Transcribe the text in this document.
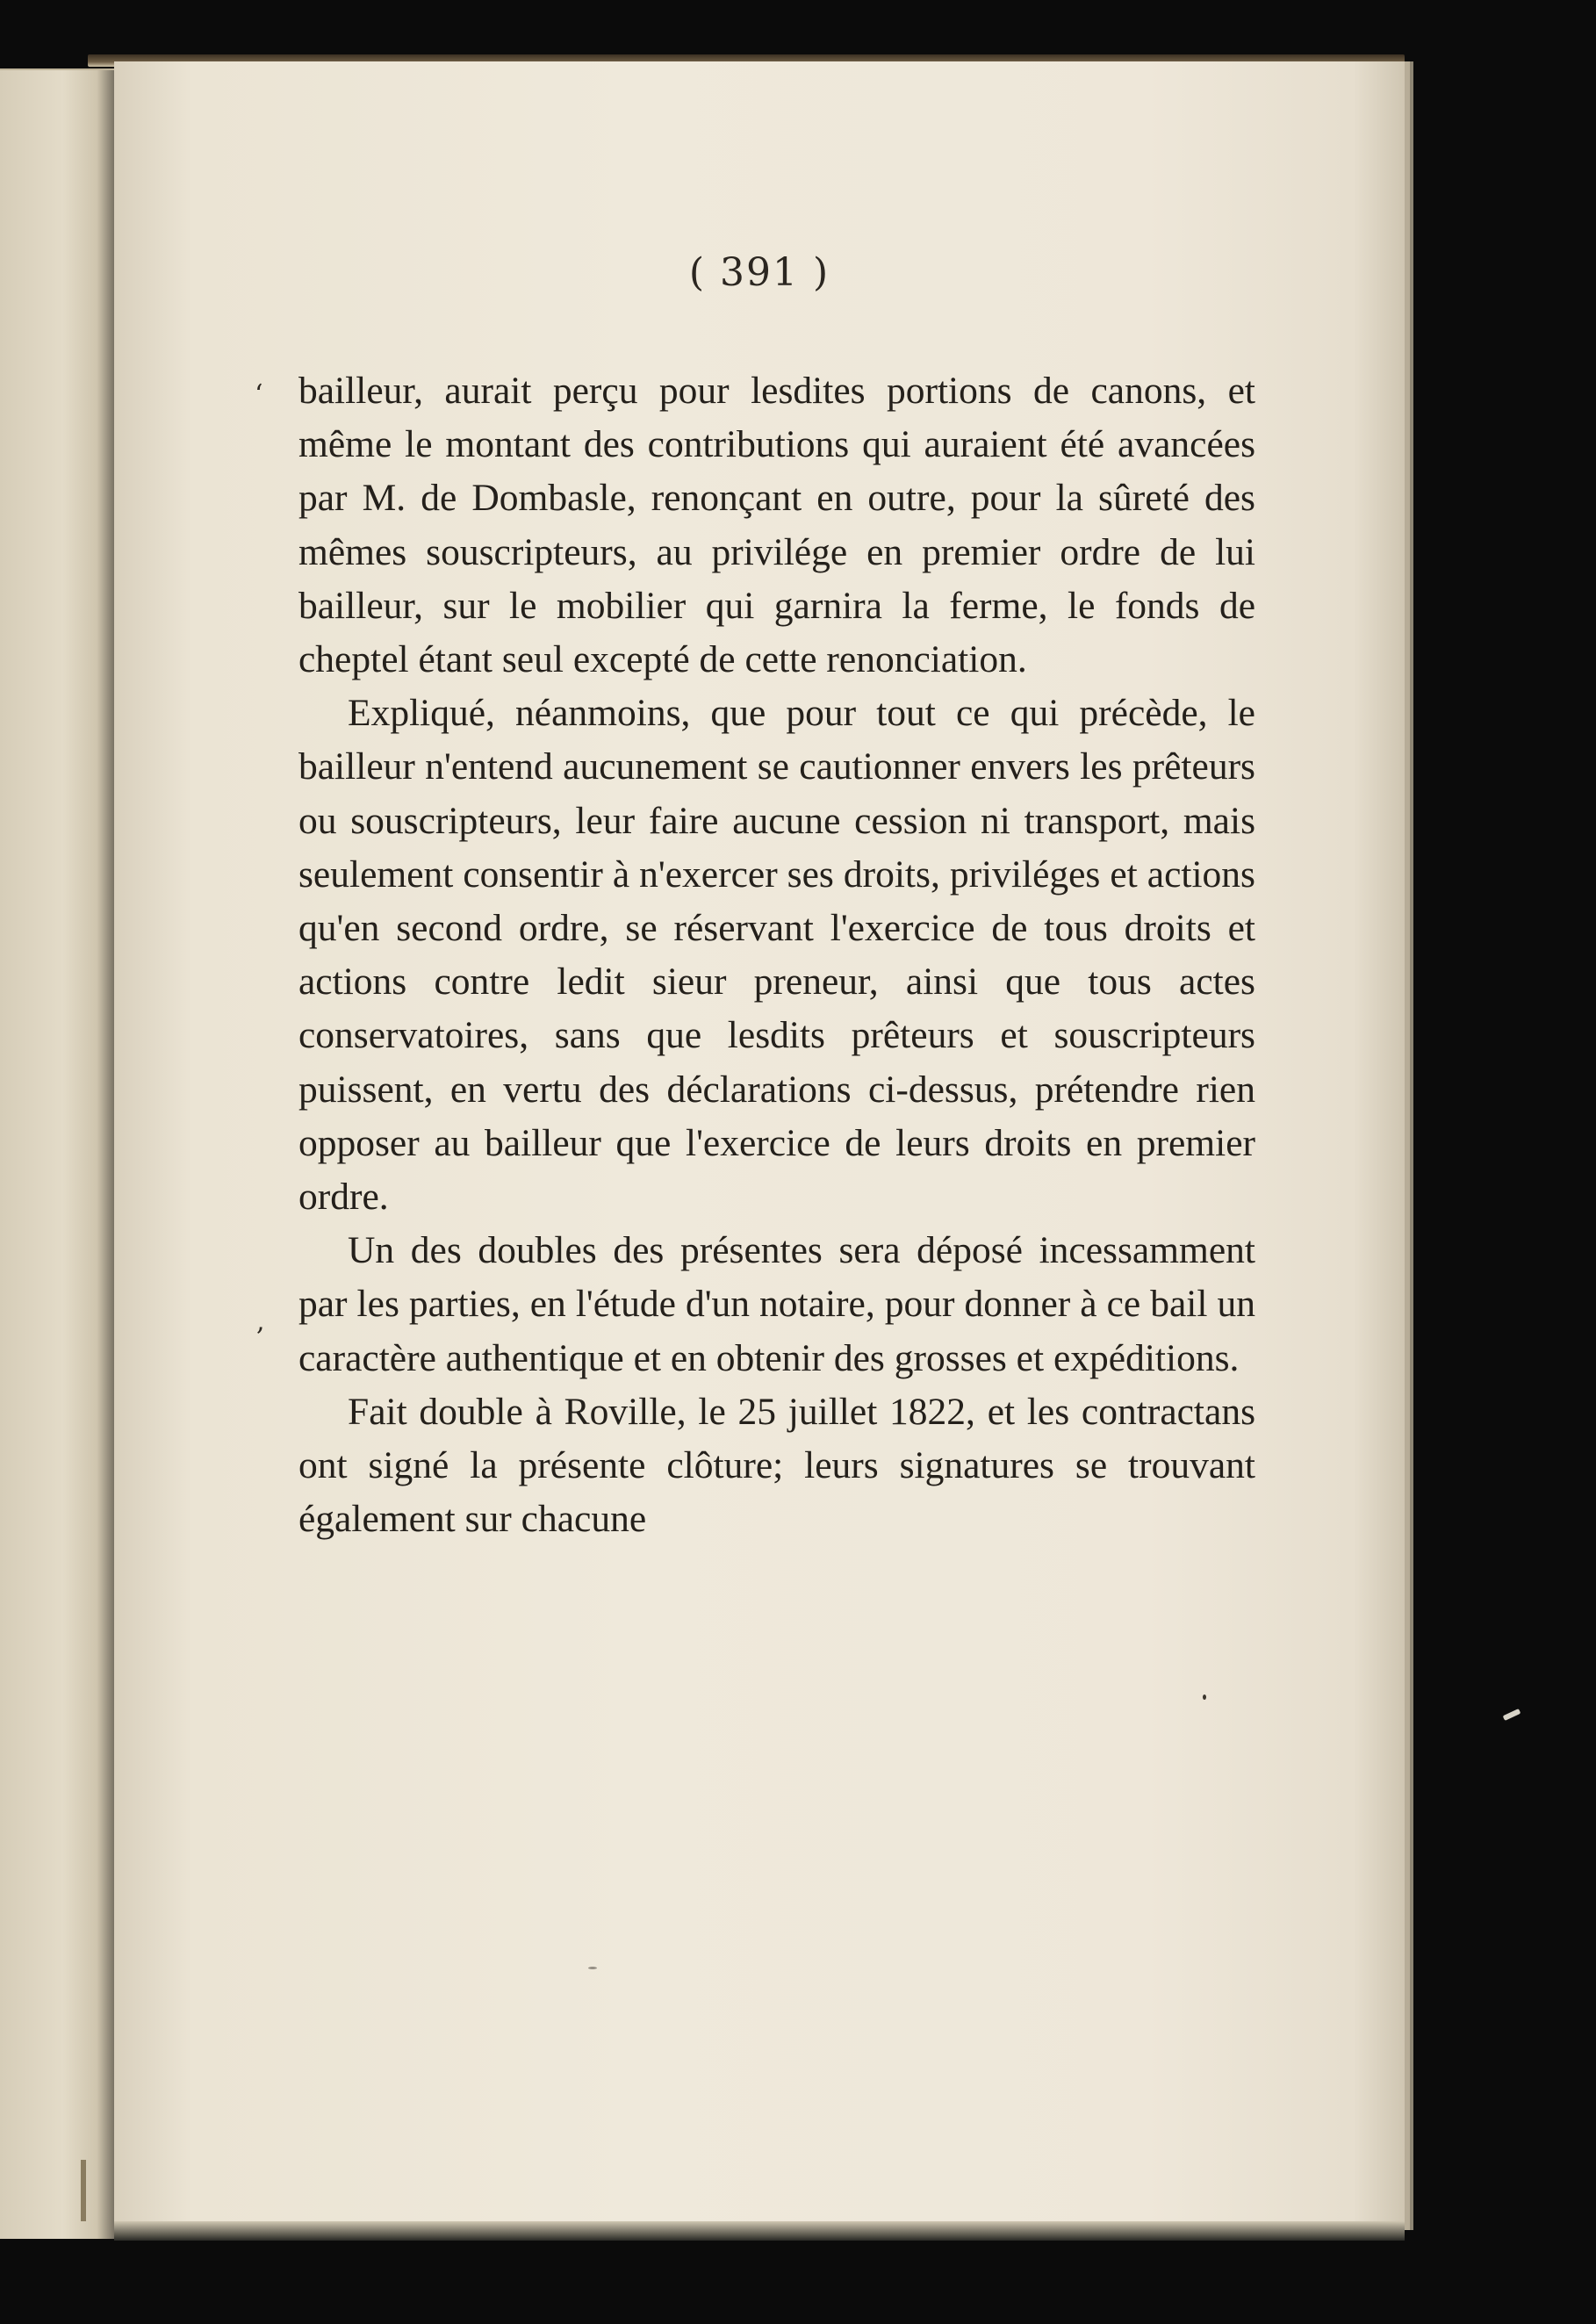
( 391 )
‘
,

bailleur, aurait perçu pour lesdites portions de canons, et même le montant des contributions qui auraient été avancées par M. de Dombasle, renonçant en outre, pour la sûreté des mêmes souscripteurs, au privilége en premier ordre de lui bailleur, sur le mobilier qui garnira la ferme, le fonds de cheptel étant seul excepté de cette renonciation.

Expliqué, néanmoins, que pour tout ce qui précède, le bailleur n'entend aucunement se cautionner envers les prêteurs ou souscripteurs, leur faire aucune cession ni transport, mais seulement consentir à n'exercer ses droits, priviléges et actions qu'en second ordre, se réservant l'exercice de tous droits et actions contre ledit sieur preneur, ainsi que tous actes conservatoires, sans que lesdits prêteurs et souscripteurs puissent, en vertu des déclarations ci-dessus, prétendre rien opposer au bailleur que l'exercice de leurs droits en premier ordre.

Un des doubles des présentes sera déposé incessamment par les parties, en l'étude d'un notaire, pour donner à ce bail un caractère authentique et en obtenir des grosses et expéditions.

Fait double à Roville, le 25 juillet 1822, et les contractans ont signé la présente clôture; leurs signatures se trouvant également sur chacune
